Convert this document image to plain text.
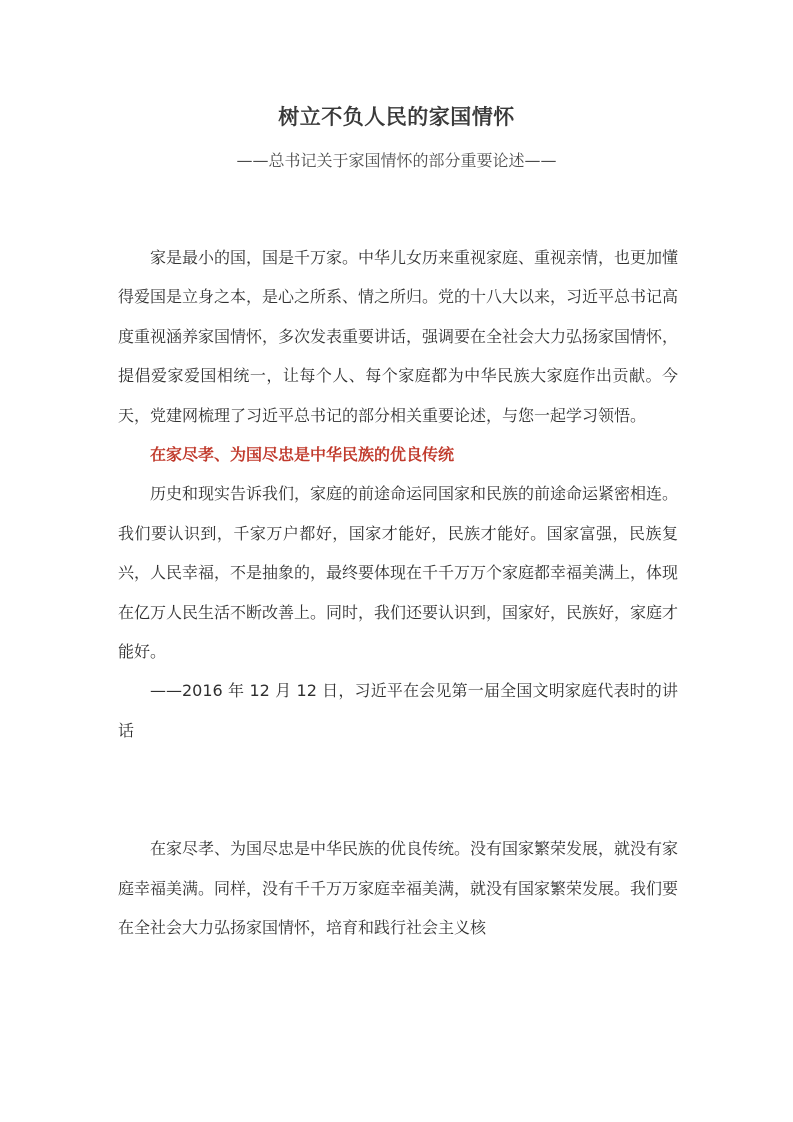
树立不负人民的家国情怀
——总书记关于家国情怀的部分重要论述——

家是最小的国，国是千万家。中华儿女历来重视家庭、重视亲情，也更加懂得爱国是立身之本，是心之所系、情之所归。党的十八大以来，习近平总书记高度重视涵养家国情怀，多次发表重要讲话，强调要在全社会大力弘扬家国情怀，提倡爱家爱国相统一，让每个人、每个家庭都为中华民族大家庭作出贡献。今天，党建网梳理了习近平总书记的部分相关重要论述，与您一起学习领悟。

在家尽孝、为国尽忠是中华民族的优良传统

历史和现实告诉我们，家庭的前途命运同国家和民族的前途命运紧密相连。我们要认识到，千家万户都好，国家才能好，民族才能好。国家富强，民族复兴，人民幸福，不是抽象的，最终要体现在千千万万个家庭都幸福美满上，体现在亿万人民生活不断改善上。同时，我们还要认识到，国家好，民族好，家庭才能好。

——2016 年 12 月 12 日，习近平在会见第一届全国文明家庭代表时的讲话

在家尽孝、为国尽忠是中华民族的优良传统。没有国家繁荣发展，就没有家庭幸福美满。同样，没有千千万万家庭幸福美满，就没有国家繁荣发展。我们要在全社会大力弘扬家国情怀，培育和践行社会主义核
